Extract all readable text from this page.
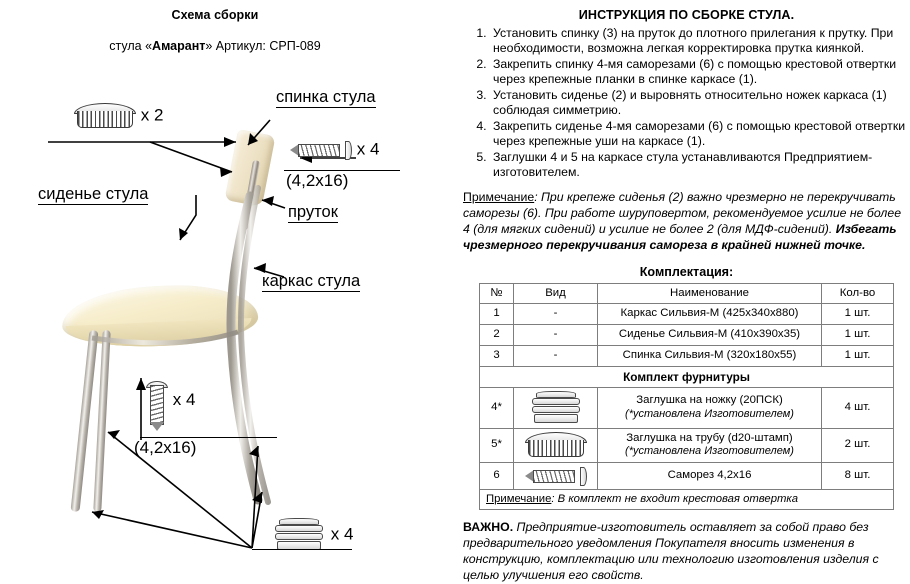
Схема сборки
стула «Амарант» Артикул: СРП-089
x 2
спинка стула
сиденье стула
пруток
каркас стула
x 4
(4,2х16)
x 4
(4,2х16)
x 4
ИНСТРУКЦИЯ ПО СБОРКЕ СТУЛА.
1. Установить спинку (3) на пруток до плотного прилегания к прутку. При необходимости, возможна легкая корректировка прутка киянкой.
2. Закрепить спинку 4-мя саморезами (6) с помощью крестовой отвертки через крепежные планки в спинке каркасе (1).
3. Установить сиденье (2) и выровнять относительно ножек каркаса (1) соблюдая симметрию.
4. Закрепить сиденье 4-мя саморезами (6) с помощью крестовой отвертки через крепежные уши на каркасе (1).
5. Заглушки 4 и 5 на каркасе стула устанавливаются Предприятием-изготовителем.
Примечание: При крепеже сиденья (2) важно чрезмерно не перекручивать саморезы (6). При работе шуруповертом, рекомендуемое усилие не более 4 (для мягких сидений) и усилие не более 2 (для МДФ-сидений). Избегать чрезмерного перекручивания самореза в крайней нижней точке.
Комплектация:
№	Вид	Наименование	Кол-во
1	-	Каркас Сильвия-М (425х340х880)	1 шт.
2	-	Сиденье Сильвия-М (410х390х35)	1 шт.
3	-	Спинка Сильвия-М (320х180х55)	1 шт.
Комплект фурнитуры			
4*		Заглушка на ножку (20ПСК)
(*установлена Изготовителем)	4 шт.
5*		Заглушка на трубу (d20-штамп)
(*установлена Изготовителем)	2 шт.
6		Саморез 4,2х16	8 шт.
Примечание: В комплект не входит крестовая отвертка			
ВАЖНО. Предприятие-изготовитель оставляет за собой право без предварительного уведомления Покупателя вносить изменения в конструкцию, комплектацию или технологию изготовления изделия с целью улучшения его свойств.
